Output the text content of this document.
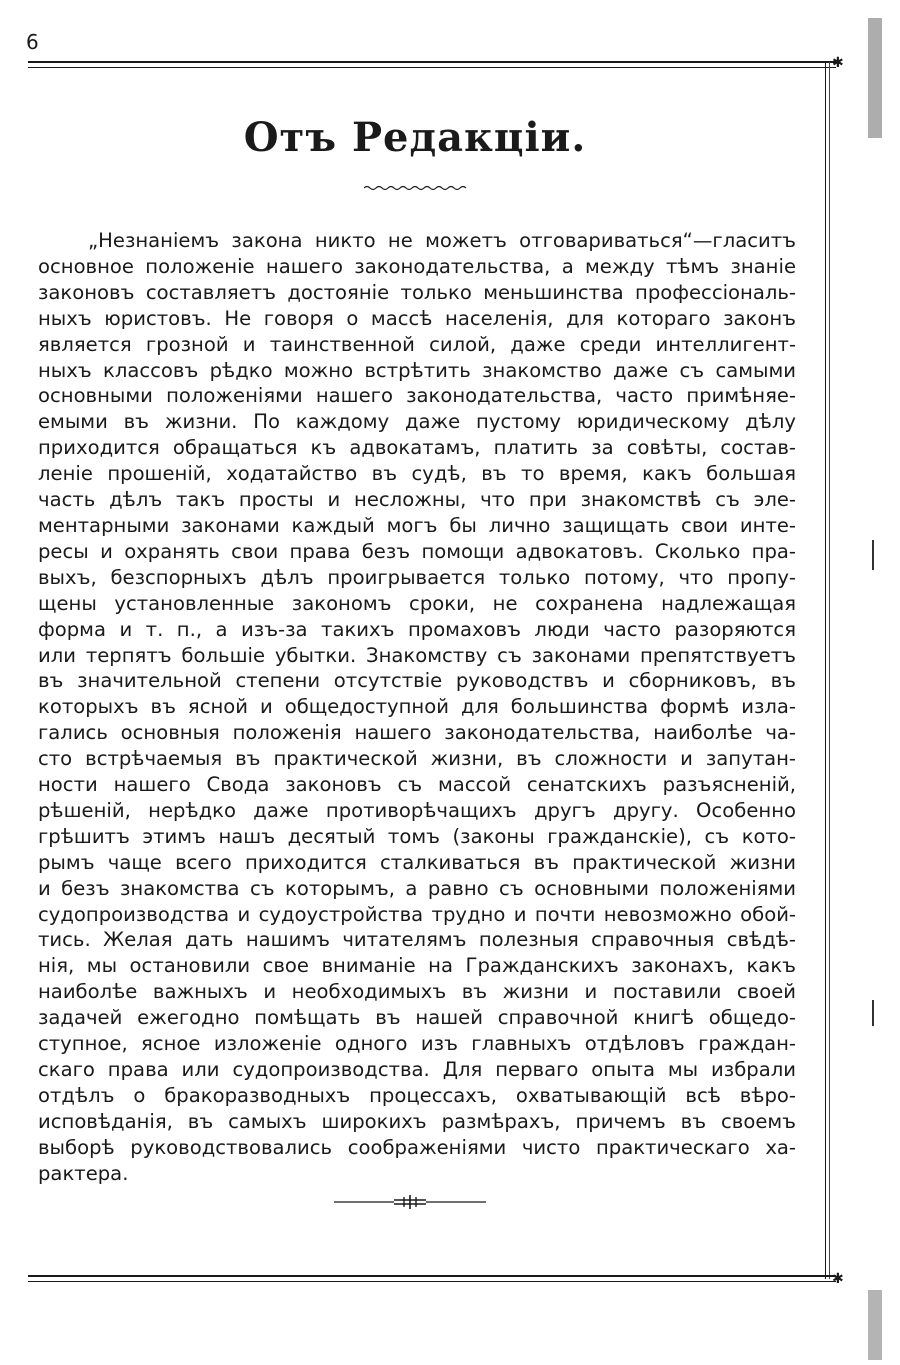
6
✱
✱
Отъ Редакціи.
„Незнаніемъ закона никто не можетъ отговариваться“—гласитъ
основное положеніе нашего законодательства, а между тѣмъ знаніе
законовъ составляетъ достояніе только меньшинства профессіональ-
ныхъ юристовъ. Не говоря о массѣ населенія, для котораго законъ
является грозной и таинственной силой, даже среди интеллигент-
ныхъ классовъ рѣдко можно встрѣтить знакомство даже съ самыми
основными положеніями нашего законодательства, часто примѣняе-
емыми въ жизни. По каждому даже пустому юридическому дѣлу
приходится обращаться къ адвокатамъ, платить за совѣты, состав-
леніе прошеній, ходатайство въ судѣ, въ то время, какъ большая
часть дѣлъ такъ просты и несложны, что при знакомствѣ съ эле-
ментарными законами каждый могъ бы лично защищать свои инте-
ресы и охранять свои права безъ помощи адвокатовъ. Сколько пра-
выхъ, безспорныхъ дѣлъ проигрывается только потому, что пропу-
щены установленные закономъ сроки, не сохранена надлежащая
форма и т. п., а изъ-за такихъ промаховъ люди часто разоряются
или терпятъ большіе убытки. Знакомству съ законами препятствуетъ
въ значительной степени отсутствіе руководствъ и сборниковъ, въ
которыхъ въ ясной и общедоступной для большинства формѣ изла-
гались основныя положенія нашего законодательства, наиболѣе ча-
сто встрѣчаемыя въ практической жизни, въ сложности и запутан-
ности нашего Свода законовъ съ массой сенатскихъ разъясненій,
рѣшеній, нерѣдко даже противорѣчащихъ другъ другу. Особенно
грѣшитъ этимъ нашъ десятый томъ (законы гражданскіе), съ кото-
рымъ чаще всего приходится сталкиваться въ практической жизни
и безъ знакомства съ которымъ, а равно съ основными положеніями
судопроизводства и судоустройства трудно и почти невозможно обой-
тись. Желая дать нашимъ читателямъ полезныя справочныя свѣдѣ-
нія, мы остановили свое вниманіе на Гражданскихъ законахъ, какъ
наиболѣе важныхъ и необходимыхъ въ жизни и поставили своей
задачей ежегодно помѣщать въ нашей справочной книгѣ общедо-
ступное, ясное изложеніе одного изъ главныхъ отдѣловъ граждан-
скаго права или судопроизводства. Для перваго опыта мы избрали
отдѣлъ о бракоразводныхъ процессахъ, охватывающій всѣ вѣро-
исповѣданія, въ самыхъ широкихъ размѣрахъ, причемъ въ своемъ
выборѣ руководствовались соображеніями чисто практическаго ха-
рактера.
